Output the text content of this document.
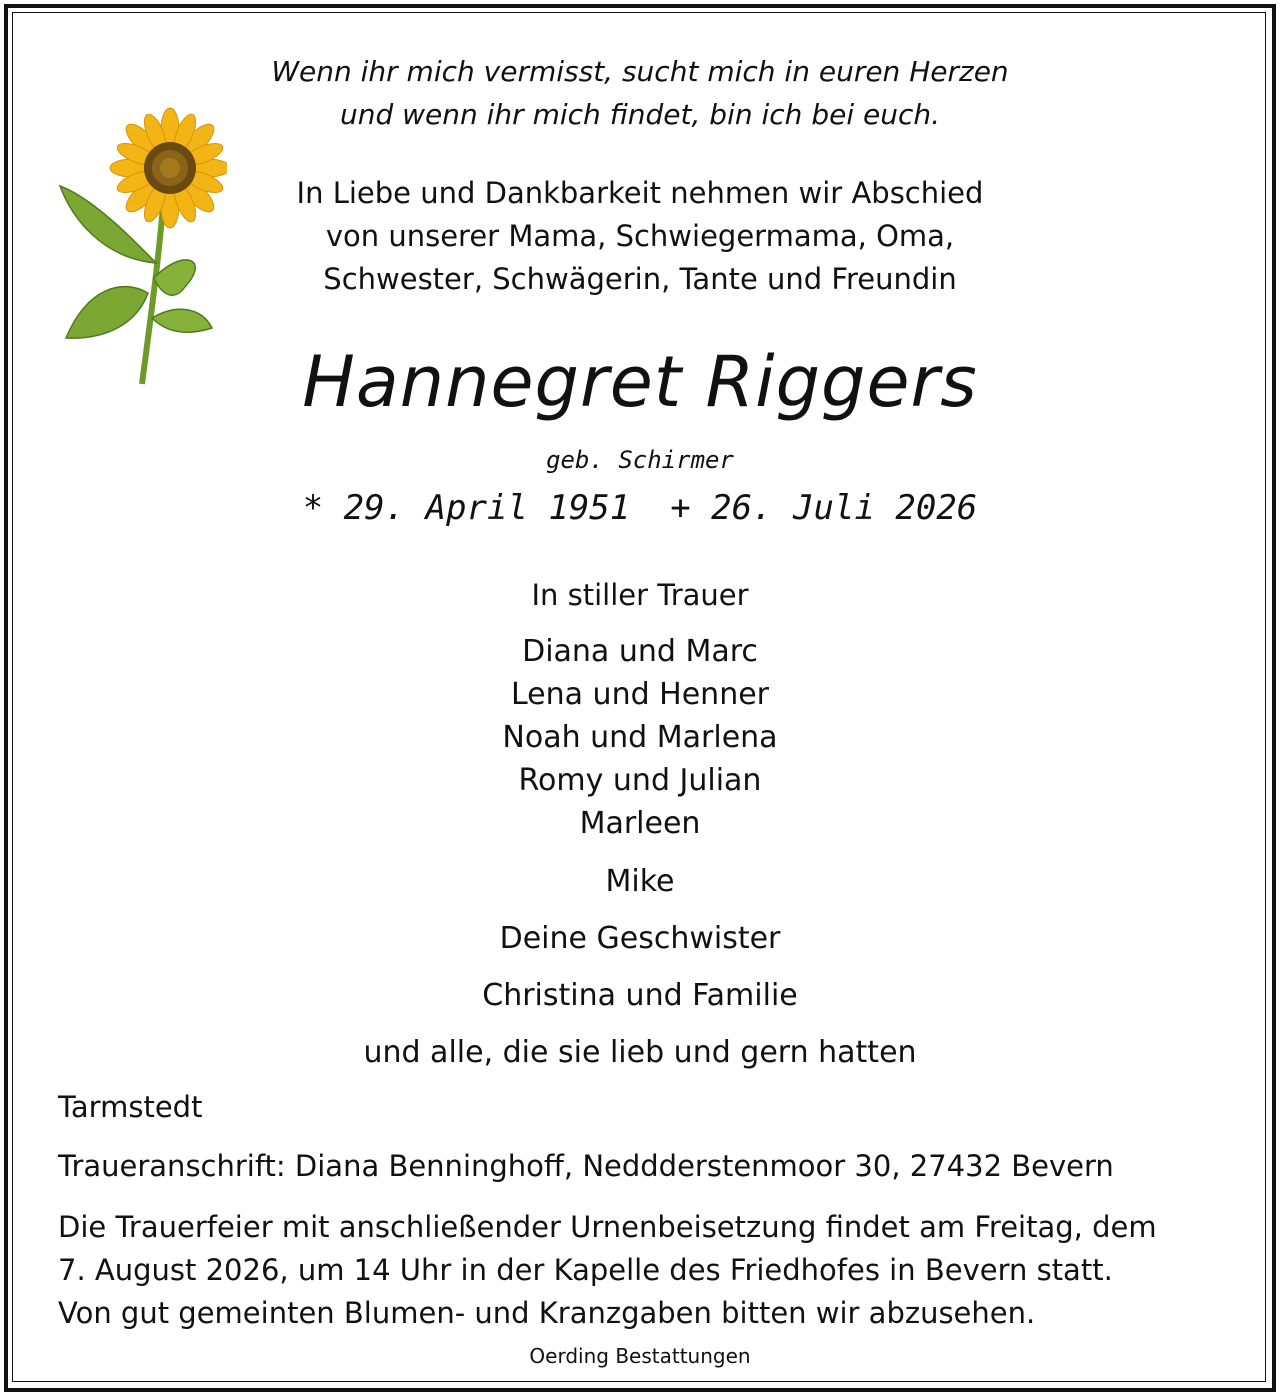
Wenn ihr mich vermisst, sucht mich in euren Herzen
und wenn ihr mich findet, bin ich bei euch.
In Liebe und Dankbarkeit nehmen wir Abschied
von unserer Mama, Schwiegermama, Oma,
Schwester, Schwägerin, Tante und Freundin
Hannegret Riggers
geb. Schirmer
* 29. April 1951 + 26. Juli 2026
In stiller Trauer
Diana und Marc
Lena und Henner
Noah und Marlena
Romy und Julian
Marleen
Mike
Deine Geschwister
Christina und Familie
und alle, die sie lieb und gern hatten
Tarmstedt
Traueranschrift: Diana Benninghoff, Neddderstenmoor 30, 27432 Bevern
Die Trauerfeier mit anschließender Urnenbeisetzung findet am Freitag, dem
7. August 2026, um 14 Uhr in der Kapelle des Friedhofes in Bevern statt.
Von gut gemeinten Blumen- und Kranzgaben bitten wir abzusehen.
Oerding Bestattungen
